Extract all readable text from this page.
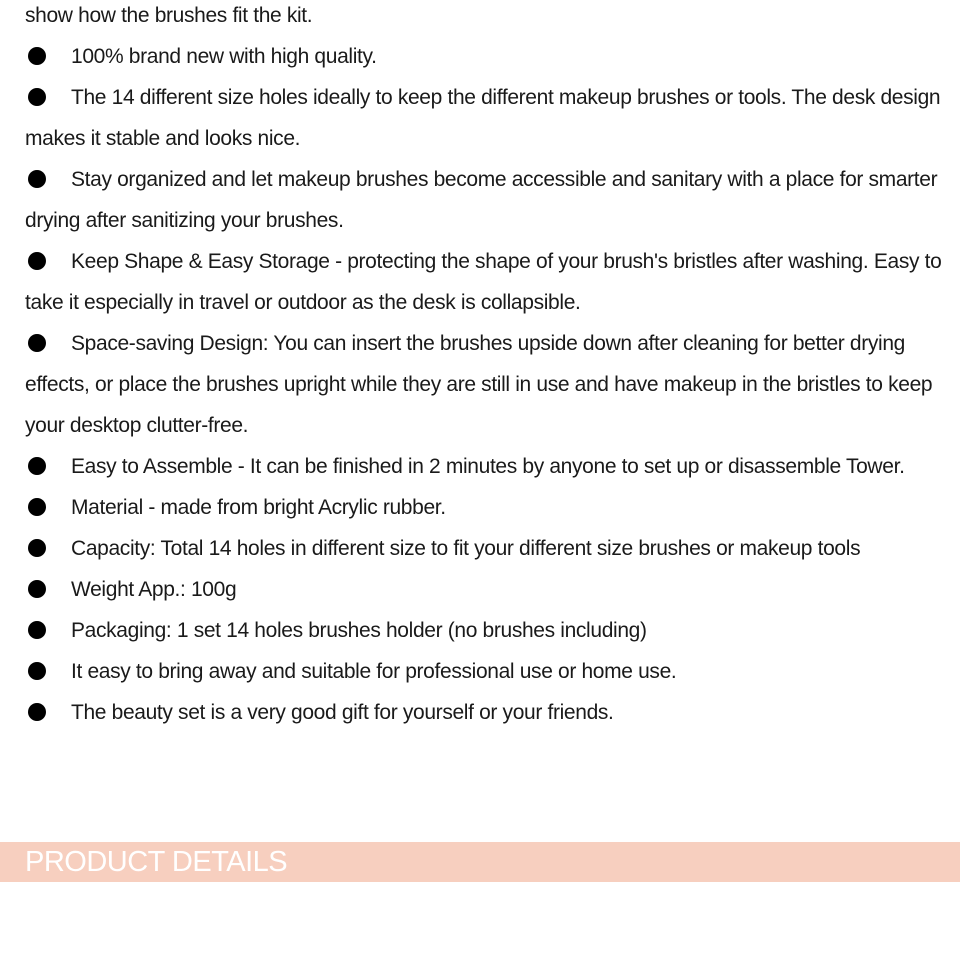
show how the brushes fit the kit.

100% brand new with high quality.
The 14 different size holes ideally to keep the different makeup brushes or tools. The desk design makes it stable and looks nice.
Stay organized and let makeup brushes become accessible and sanitary with a place for smarter drying after sanitizing your brushes.
Keep Shape & Easy Storage - protecting the shape of your brush's bristles after washing. Easy to take it especially in travel or outdoor as the desk is collapsible.
Space-saving Design: You can insert the brushes upside down after cleaning for better drying effects, or place the brushes upright while they are still in use and have makeup in the bristles to keep your desktop clutter-free.
Easy to Assemble - It can be finished in 2 minutes by anyone to set up or disassemble Tower.
Material - made from bright Acrylic rubber.
Capacity: Total 14 holes in different size to fit your different size brushes or makeup tools
Weight App.: 100g
Packaging: 1 set 14 holes brushes holder (no brushes including)
It easy to bring away and suitable for professional use or home use.
The beauty set is a very good gift for yourself or your friends.
PRODUCT DETAILS
